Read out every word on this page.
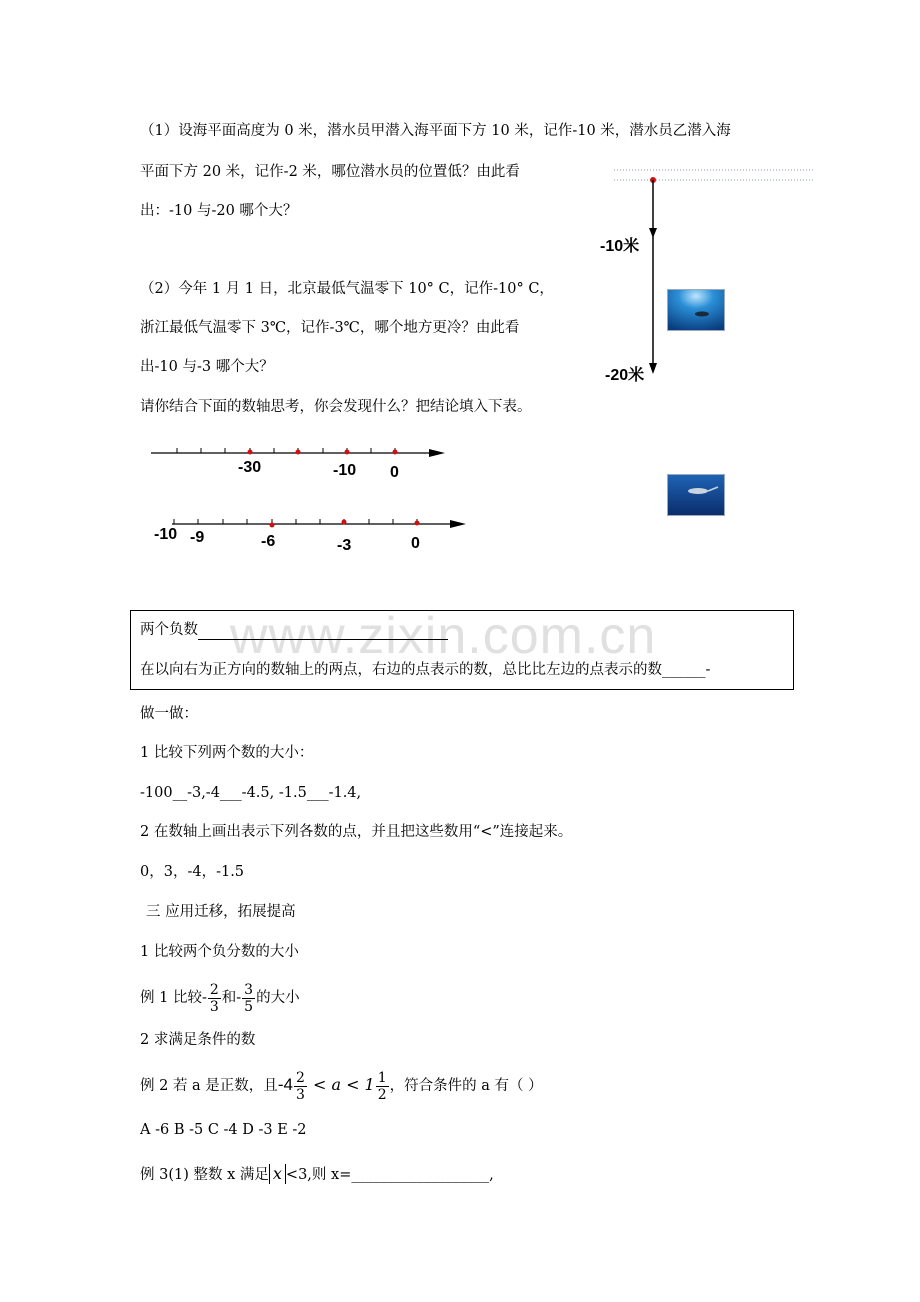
（1）设海平面高度为 0 米，潜水员甲潜入海平面下方 10 米，记作-10 米，潜水员乙潜入海
平面下方 20 米，记作-2 米，哪位潜水员的位置低？由此看
出：-10 与-20 哪个大？
（2）今年 1 月 1 日，北京最低气温零下 10° C，记作-10° C，
浙江最低气温零下 3℃，记作-3℃，哪个地方更冷？由此看
出-10 与-3 哪个大？
请你结合下面的数轴思考，你会发现什么？把结论填入下表。
-10米
-20米
-30	-10 0
-10 -9	-6	-3	0
www.zixin.com.cn
两个负数
在以向右为正方向的数轴上的两点，右边的点表示的数，总比比左边的点表示的数______-
做一做：
1 比较下列两个数的大小：
-100__-3,-4___-4.5, -1.5___-1.4,
2 在数轴上画出表示下列各数的点，并且把这些数用“<”连接起来。
0，3，-4，-1.5
三 应用迁移，拓展提高
1 比较两个负分数的大小
例 1 比较- $\frac{2}{3}$ 和- $\frac{3}{5}$ 的大小
2 求满足条件的数
例 2 若 a 是正数，且$-4 \frac{2}{3} < a < 1 \frac{1}{2}$ ，符合条件的 a 有（ ）
A -6 B -5 C -4 D -3 E -2
例 3(1) 整数 x 满足 x <3,则 x=___________________,
